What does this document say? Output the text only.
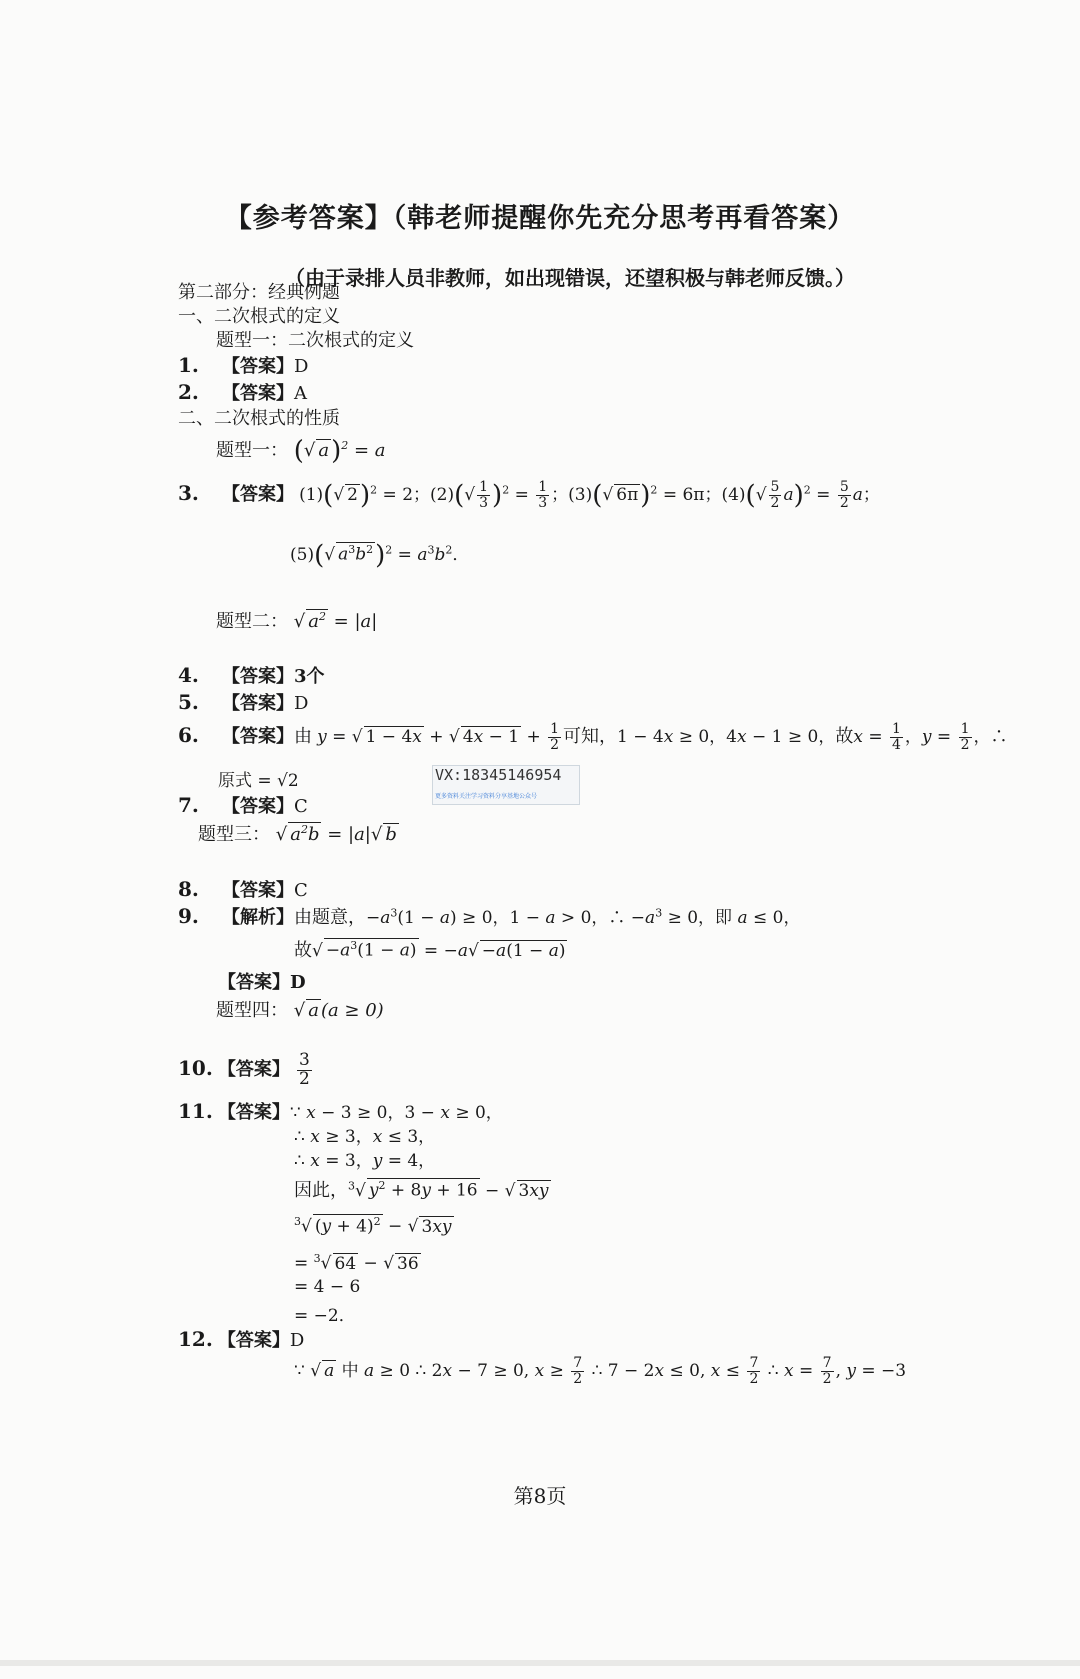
【参考答案】（韩老师提醒你先充分思考再看答案）
（由于录排人员非教师，如出现错误，还望积极与韩老师反馈。）
第二部分：经典例题
一、二次根式的定义
题型一：二次根式的定义
1. 【答案】D
2. 【答案】A
二、二次根式的性质
题型一： (√ a)$^2$ = a
3. 【答案】 (1)(√ 2)$^2$ = 2；$(2)(√ \frac{1}{3} )^2 = \frac{1}{3}$ ；(3)(√ 6π)$^2$ = 6π；$(4)(√ \frac{5}{2} a)^2 = \frac{5}{2}$ a；
(5)(√ $a^3b^2)^2 = a^3b^2$．
题型二： √ $a^2 = |a|$
4. 【答案】3个
5. 【答案】D
6. 【答案】由 y = √ 1 − 4x + √ $4x - 1 + \frac{1}{2}$ 可知，1 − 4x ≥ 0，4x − 1 ≥ 0，故$x = \frac{1}{4}$ ，$y = \frac{1}{2}$ ，∴
原式 = √2	VX:18345146954
更多资料关注学习资料分享基地公众号
7. 【答案】C
题型三： √ $a^2b = |a|√$ b
8. 【答案】C
9. 【解析】由题意，$-a^3(1 - a) \ge 0$，1 − a > 0，∴ $-a^3 \ge 0$，即 a ≤ 0，
故√ $-a^3(1 - a) = -a√ -a(1 - a)$
【答案】D
题型四： √ a (a ≥ 0)
10. 【答案】 $\frac{3}{2}$
11. 【答案】∵ x − 3 ≥ 0，3 − x ≥ 0，
∴ x ≥ 3，x ≤ 3，
∴ x = 3，y = 4，
因此，$^3$√ $y^2 + 8y + 16$ − √ 3xy
$^3$√ $(y + 4)^2$ − √ 3xy
= $^3$√ 64 − √ 36
= 4 − 6
= −2．
12. 【答案】D
∵ √ a 中 a ≥ 0 ∴ 2x − 7 ≥ 0, $x \ge \frac{7}{2}$ ∴ 7 − 2x ≤ 0, $x \le \frac{7}{2}$ ∴ $x = \frac{7}{2}$ , y = −3
第8页
